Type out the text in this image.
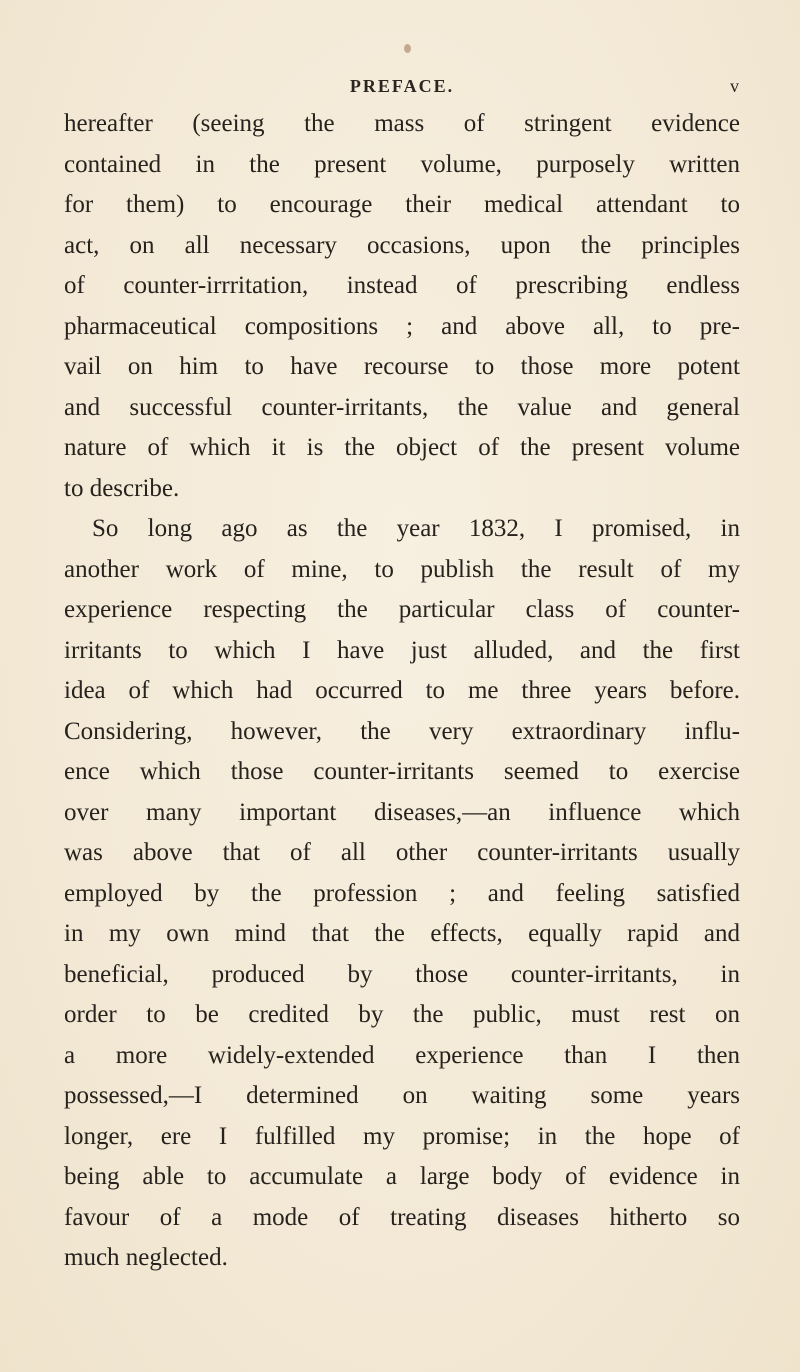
PREFACE.	v
hereafter (seeing the mass of stringent evidence
contained in the present volume, purposely written
for them) to encourage their medical attendant to
act, on all necessary occasions, upon the principles
of counter-irrritation, instead of prescribing endless
pharmaceutical compositions ; and above all, to pre-
vail on him to have recourse to those more potent
and successful counter-irritants, the value and general
nature of which it is the object of the present volume
to describe.
So long ago as the year 1832, I promised, in
another work of mine, to publish the result of my
experience respecting the particular class of counter-
irritants to which I have just alluded, and the first
idea of which had occurred to me three years before.
Considering, however, the very extraordinary influ-
ence which those counter-irritants seemed to exercise
over many important diseases,—an influence which
was above that of all other counter-irritants usually
employed by the profession ; and feeling satisfied
in my own mind that the effects, equally rapid and
beneficial, produced by those counter-irritants, in
order to be credited by the public, must rest on
a more widely-extended experience than I then
possessed,—I determined on waiting some years
longer, ere I fulfilled my promise; in the hope of
being able to accumulate a large body of evidence in
favour of a mode of treating diseases hitherto so
much neglected.
